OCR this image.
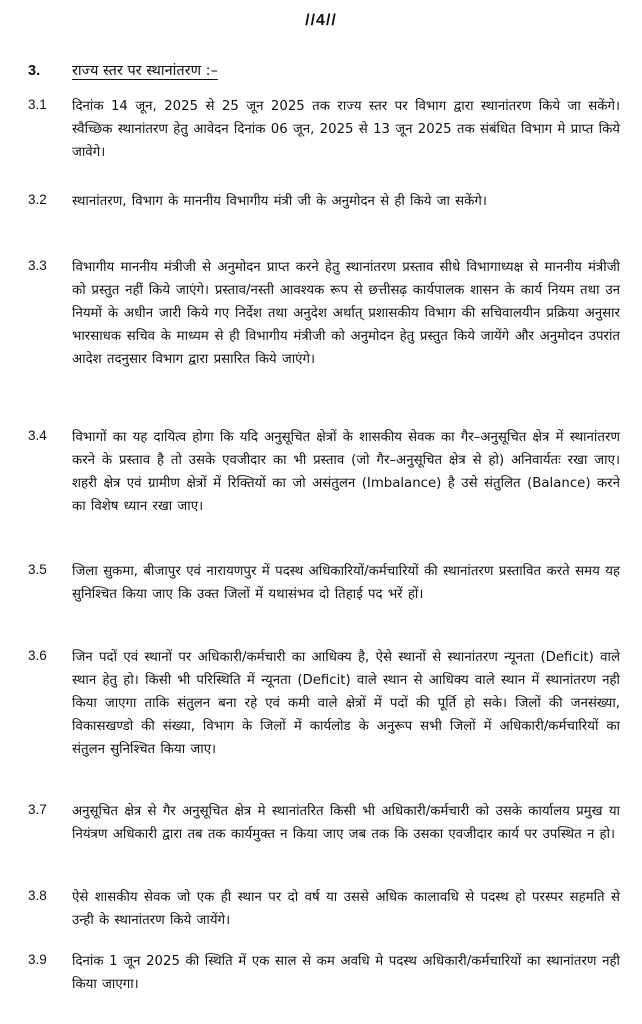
//4//
3. राज्य स्तर पर स्थानांतरण :–
3.1 दिनांक 14 जून, 2025 से 25 जून 2025 तक राज्य स्तर पर विभाग द्वारा स्थानांतरण किये जा सकेंगे। स्वैच्छिक स्थानांतरण हेतु आवेदन दिनांक 06 जून, 2025 से 13 जून 2025 तक संबंधित विभाग मे प्राप्त किये जावेगे।
3.2 स्थानांतरण, विभाग के माननीय विभागीय मंत्री जी के अनुमोदन से ही किये जा सकेंगे।
3.3 विभागीय माननीय मंत्रीजी से अनुमोदन प्राप्त करने हेतु स्थानांतरण प्रस्ताव सीधे विभागाध्यक्ष से माननीय मंत्रीजी को प्रस्तुत नहीं किये जाएंगे। प्रस्ताव/नस्ती आवश्यक रूप से छत्तीसढ़ कार्यपालक शासन के कार्य नियम तथा उन नियमों के अधीन जारी किये गए निर्देश तथा अनुदेश अर्थात् प्रशासकीय विभाग की सचिवालयीन प्रक्रिया अनुसार भारसाधक सचिव के माध्यम से ही विभागीय मंत्रीजी को अनुमोदन हेतु प्रस्तुत किये जायेंगे और अनुमोदन उपरांत आदेश तदनुसार विभाग द्वारा प्रसारित किये जाएंगे।
3.4 विभागों का यह दायित्व होगा कि यदि अनुसूचित क्षेत्रों के शासकीय सेवक का गैर–अनुसूचित क्षेत्र में स्थानांतरण करने के प्रस्ताव है तो उसके एवजीदार का भी प्रस्ताव (जो गैर–अनुसूचित क्षेत्र से हो) अनिवार्यतः रखा जाए। शहरी क्षेत्र एवं ग्रामीण क्षेत्रों में रिक्तियों का जो असंतुलन (Imbalance) है उसे संतुलित (Balance) करने का विशेष ध्यान रखा जाए।
3.5 जिला सुकमा, बीजापुर एवं नारायणपुर में पदस्थ अधिकारियों/कर्मचारियों की स्थानांतरण प्रस्तावित करते समय यह सुनिश्चित किया जाए कि उक्त जिलों में यथासंभव दो तिहाई पद भरें हों।
3.6 जिन पदों एवं स्थानों पर अधिकारी/कर्मचारी का आधिक्य है, ऐसे स्थानों से स्थानांतरण न्यूनता (Deficit) वाले स्थान हेतु हो। किसी भी परिस्थिति में न्यूनता (Deficit) वाले स्थान से आधिक्य वाले स्थान में स्थानांतरण नही किया जाएगा ताकि संतुलन बना रहे एवं कमी वाले क्षेत्रों में पदों की पूर्ति हो सके। जिलों की जनसंख्या, विकासखण्डो की संख्या, विभाग के जिलों में कार्यलोड के अनुरूप सभी जिलों में अधिकारी/कर्मचारियों का संतुलन सुनिश्चित किया जाए।
3.7 अनुसूचित क्षेत्र से गैर अनुसूचित क्षेत्र मे स्थानांतरित किसी भी अधिकारी/कर्मचारी को उसके कार्यालय प्रमुख या नियंत्रण अधिकारी द्वारा तब तक कार्यमुक्त न किया जाए जब तक कि उसका एवजीदार कार्य पर उपस्थित न हो।
3.8 ऐसे शासकीय सेवक जो एक ही स्थान पर दो वर्ष या उससे अधिक कालावधि से पदस्थ हो परस्पर सहमति से उन्ही के स्थानांतरण किये जायेंगे।
3.9 दिनांक 1 जून 2025 की स्थिति में एक साल से कम अवधि मे पदस्थ अधिकारी/कर्मचारियों का स्थानांतरण नही किया जाएगा।
